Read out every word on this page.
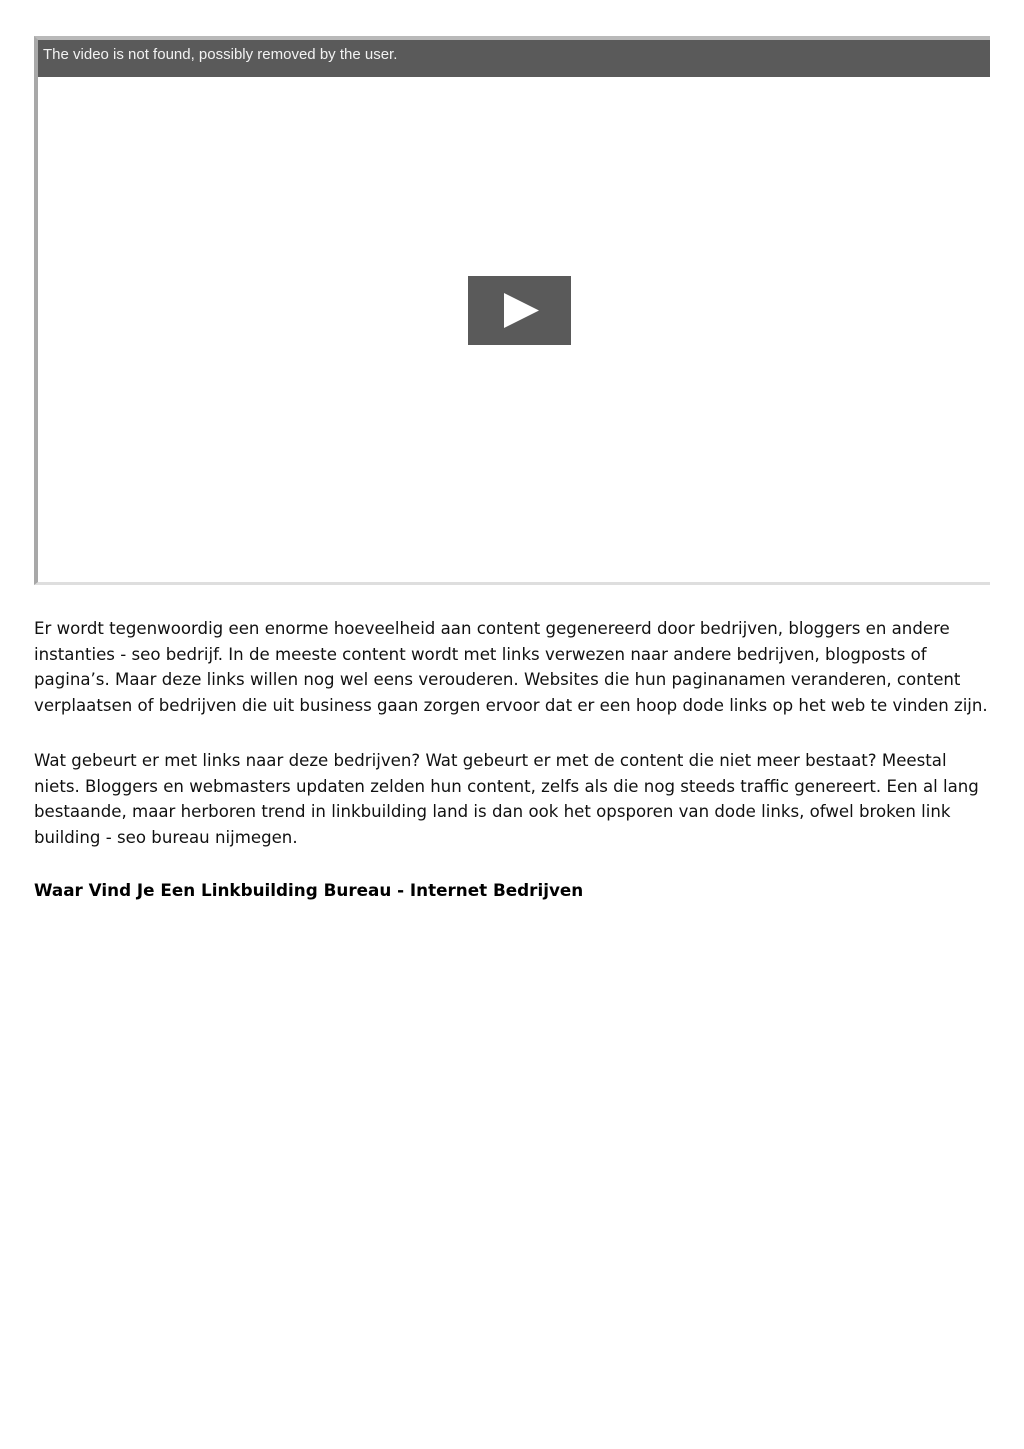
The video is not found, possibly removed by the user.

Er wordt tegenwoordig een enorme hoeveelheid aan content gegenereerd door bedrijven, bloggers en andere
instanties - seo bedrijf. In de meeste content wordt met links verwezen naar andere bedrijven, blogposts of
pagina’s. Maar deze links willen nog wel eens verouderen. Websites die hun paginanamen veranderen, content
verplaatsen of bedrijven die uit business gaan zorgen ervoor dat er een hoop dode links op het web te vinden zijn.

Wat gebeurt er met links naar deze bedrijven? Wat gebeurt er met de content die niet meer bestaat? Meestal
niets. Bloggers en webmasters updaten zelden hun content, zelfs als die nog steeds traffic genereert. Een al lang
bestaande, maar herboren trend in linkbuilding land is dan ook het opsporen van dode links, ofwel broken link
building - seo bureau nijmegen.

Waar Vind Je Een Linkbuilding Bureau - Internet Bedrijven
